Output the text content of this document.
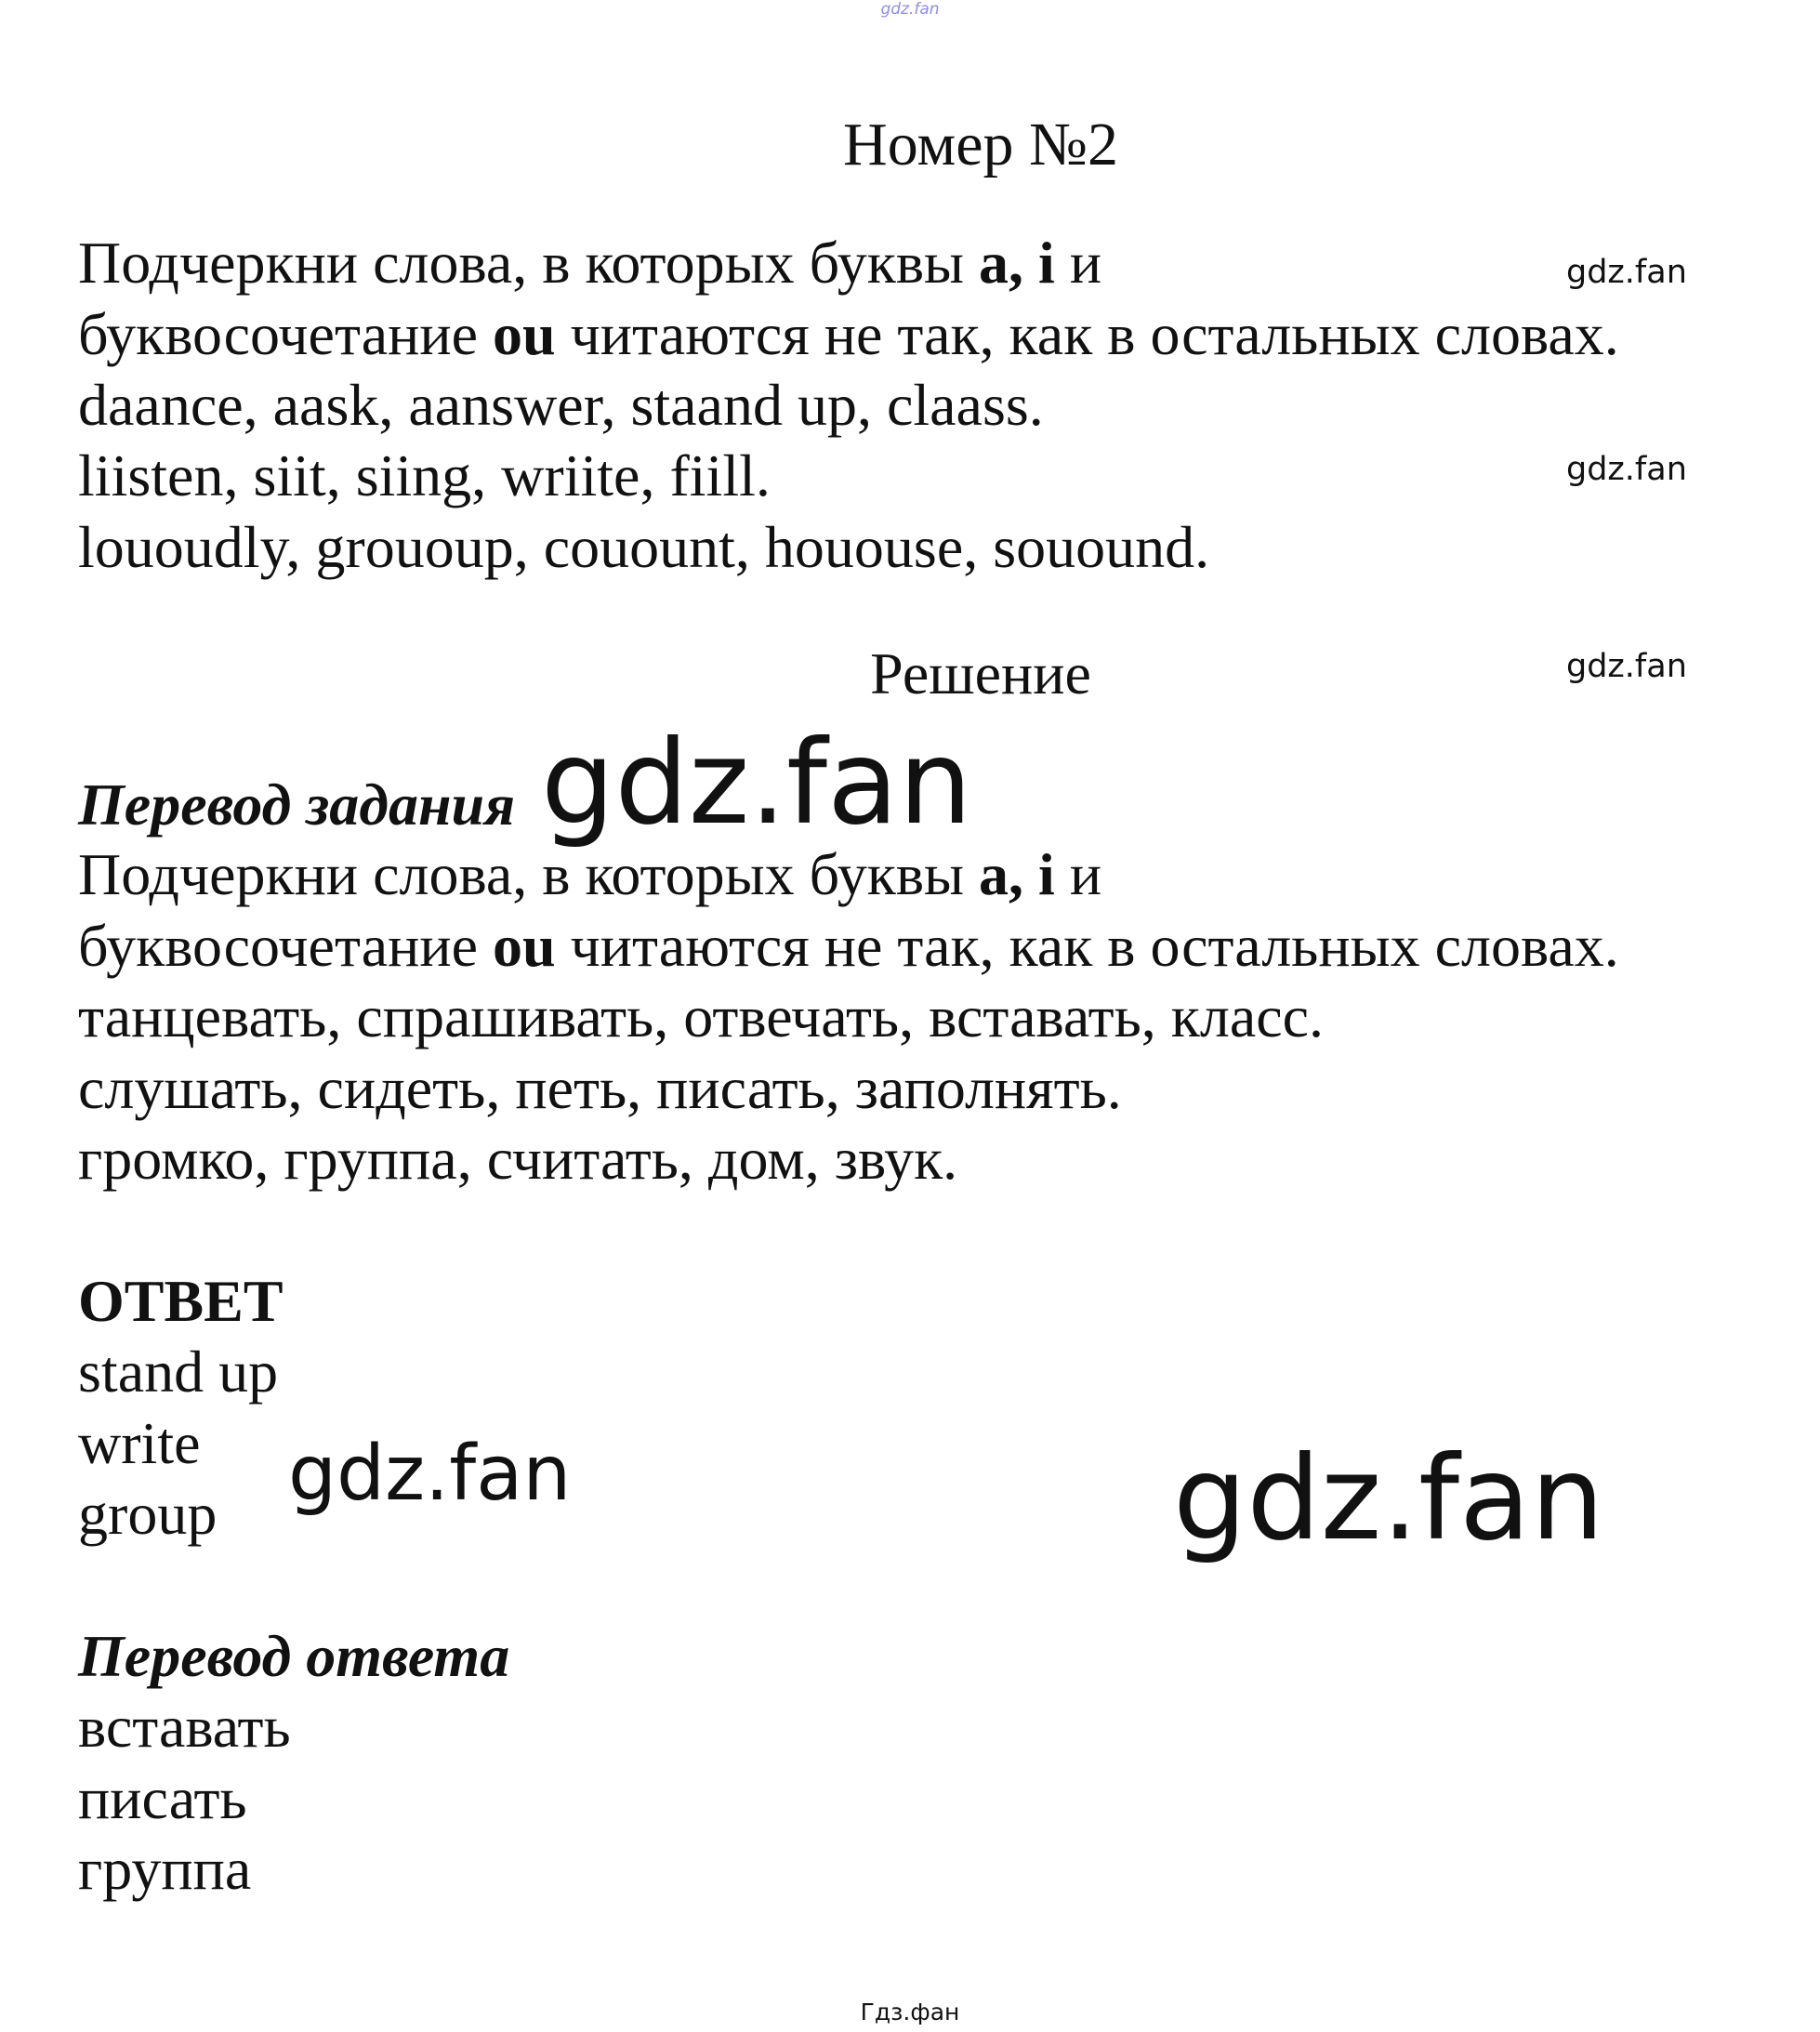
gdz.fan
Номер №2
Подчеркни слова, в которых буквы a, i и
буквосочетание ou читаются не так, как в остальных словах.
daance, aask, aanswer, staand up, claass.
liisten, siit, siing, wriite, fiill.
lououdly, grououp, couount, hououse, souound.
gdz.fan
gdz.fan
gdz.fan
Решение
Перевод задания gdz.fan
Подчеркни слова, в которых буквы a, i и
буквосочетание ou читаются не так, как в остальных словах.
танцевать, спрашивать, отвечать, вставать, класс.
слушать, сидеть, петь, писать, заполнять.
громко, группа, считать, дом, звук.
ОТВЕТ
stand up
write
group gdz.fan	gdz.fan
Перевод ответа
вставать
писать
группа
Гдз.фан
